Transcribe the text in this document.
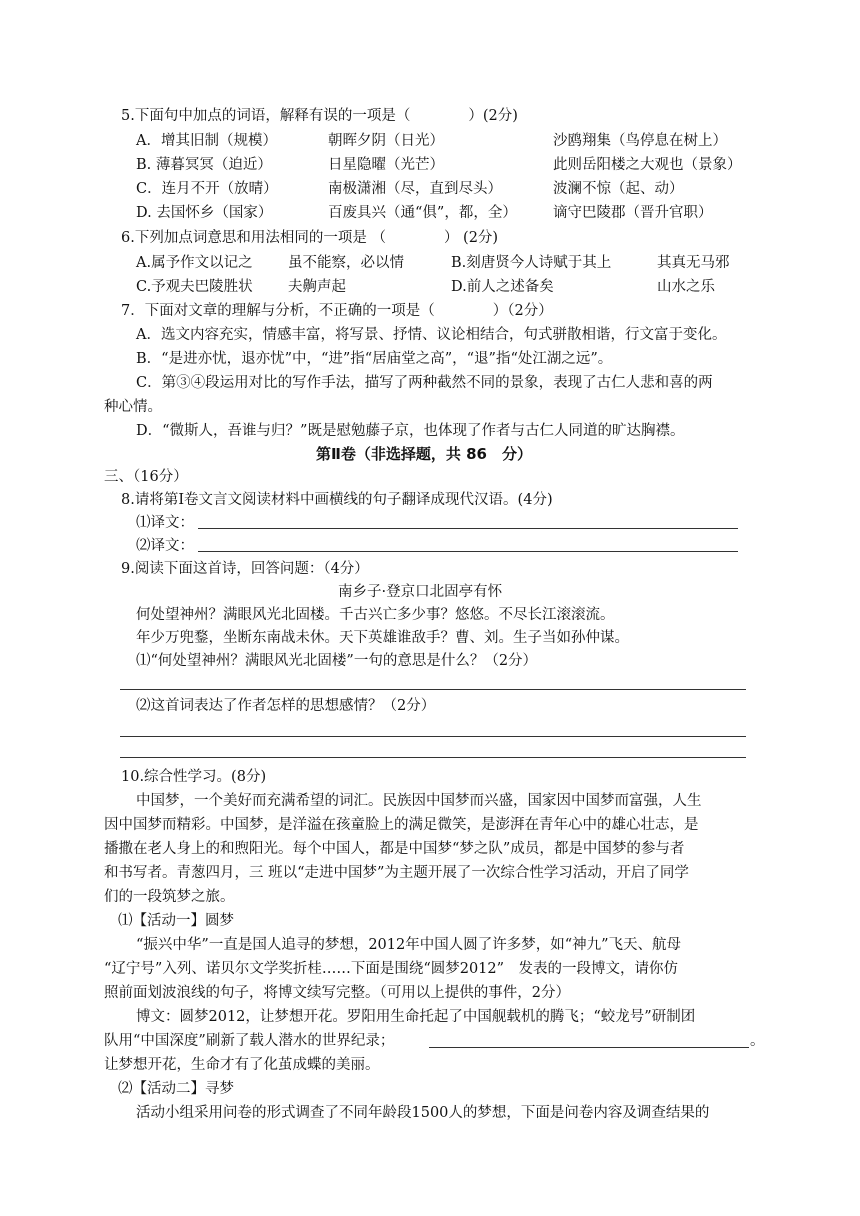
5.下面句中加点的词语，解释有误的一项是（　　　　）(2分)
A．增其旧制（规模）	朝晖夕阴（日光）	沙鸥翔集（鸟停息在树上）
B. 薄暮冥冥（迫近）	日星隐曜（光芒）	此则岳阳楼之大观也（景象）
C．连月不开（放晴）	南极潇湘（尽，直到尽头）	波澜不惊（起、动）
D. 去国怀乡（国家）	百废具兴（通“俱”，都，全） 谪守巴陵郡（晋升官职）
6.下列加点词意思和用法相同的一项是 （　　　　） (2分)
A.属予作文以记之 虽不能察，必以情	B.刻唐贤今人诗赋于其上	其真无马邪
C.予观夫巴陵胜状 夫齁声起	D.前人之述备矣	山水之乐
7．下面对文章的理解与分析，不正确的一项是（　　　　）（2分）
A．选文内容充实，情感丰富，将写景、抒情、议论相结合，句式骈散相谐，行文富于变化。
B．“是进亦忧，退亦忧”中，“进”指“居庙堂之高”，“退”指“处江湖之远”。
C．第③④段运用对比的写作手法，描写了两种截然不同的景象，表现了古仁人悲和喜的两
种心情。
D．“微斯人，吾谁与归？”既是慰勉藤子京，也体现了作者与古仁人同道的旷达胸襟。
第Ⅱ卷（非选择题，共 86　分）
三、（16分）
8.请将第Ⅰ卷文言文阅读材料中画横线的句子翻译成现代汉语。(4分)
⑴译文：
⑵译文：
9.阅读下面这首诗，回答问题：（4分）
南乡子·登京口北固亭有怀
何处望神州？满眼风光北固楼。千古兴亡多少事？悠悠。不尽长江滚滚流。
年少万兜鍪，坐断东南战未休。天下英雄谁敌手？曹、刘。生子当如孙仲谋。
⑴“何处望神州？满眼风光北固楼”一句的意思是什么？（2分）
⑵这首词表达了作者怎样的思想感情？（2分）
10.综合性学习。(8分)
中国梦，一个美好而充满希望的词汇。民族因中国梦而兴盛，国家因中国梦而富强，人生
因中国梦而精彩。中国梦，是洋溢在孩童脸上的满足微笑，是澎湃在青年心中的雄心壮志，是
播撒在老人身上的和煦阳光。每个中国人，都是中国梦“梦之队”成员，都是中国梦的参与者
和书写者。青葱四月，三 班以“走进中国梦”为主题开展了一次综合性学习活动，开启了同学
们的一段筑梦之旅。
⑴【活动一】圆梦
“振兴中华”一直是国人追寻的梦想，2012年中国人圆了许多梦，如“神九”飞天、航母
“辽宁号”入列、诺贝尔文学奖折桂……下面是围绕“圆梦2012”　发表的一段博文，请你仿
照前面划波浪线的句子，将博文续写完整。（可用以上提供的事件，2分）
博文：圆梦2012，让梦想开花。罗阳用生命托起了中国舰载机的腾飞；“蛟龙号”研制团
队用“中国深度”刷新了载人潜水的世界纪录；	。
让梦想开花，生命才有了化茧成蝶的美丽。
⑵【活动二】寻梦
活动小组采用问卷的形式调查了不同年龄段1500人的梦想，下面是问卷内容及调查结果的
